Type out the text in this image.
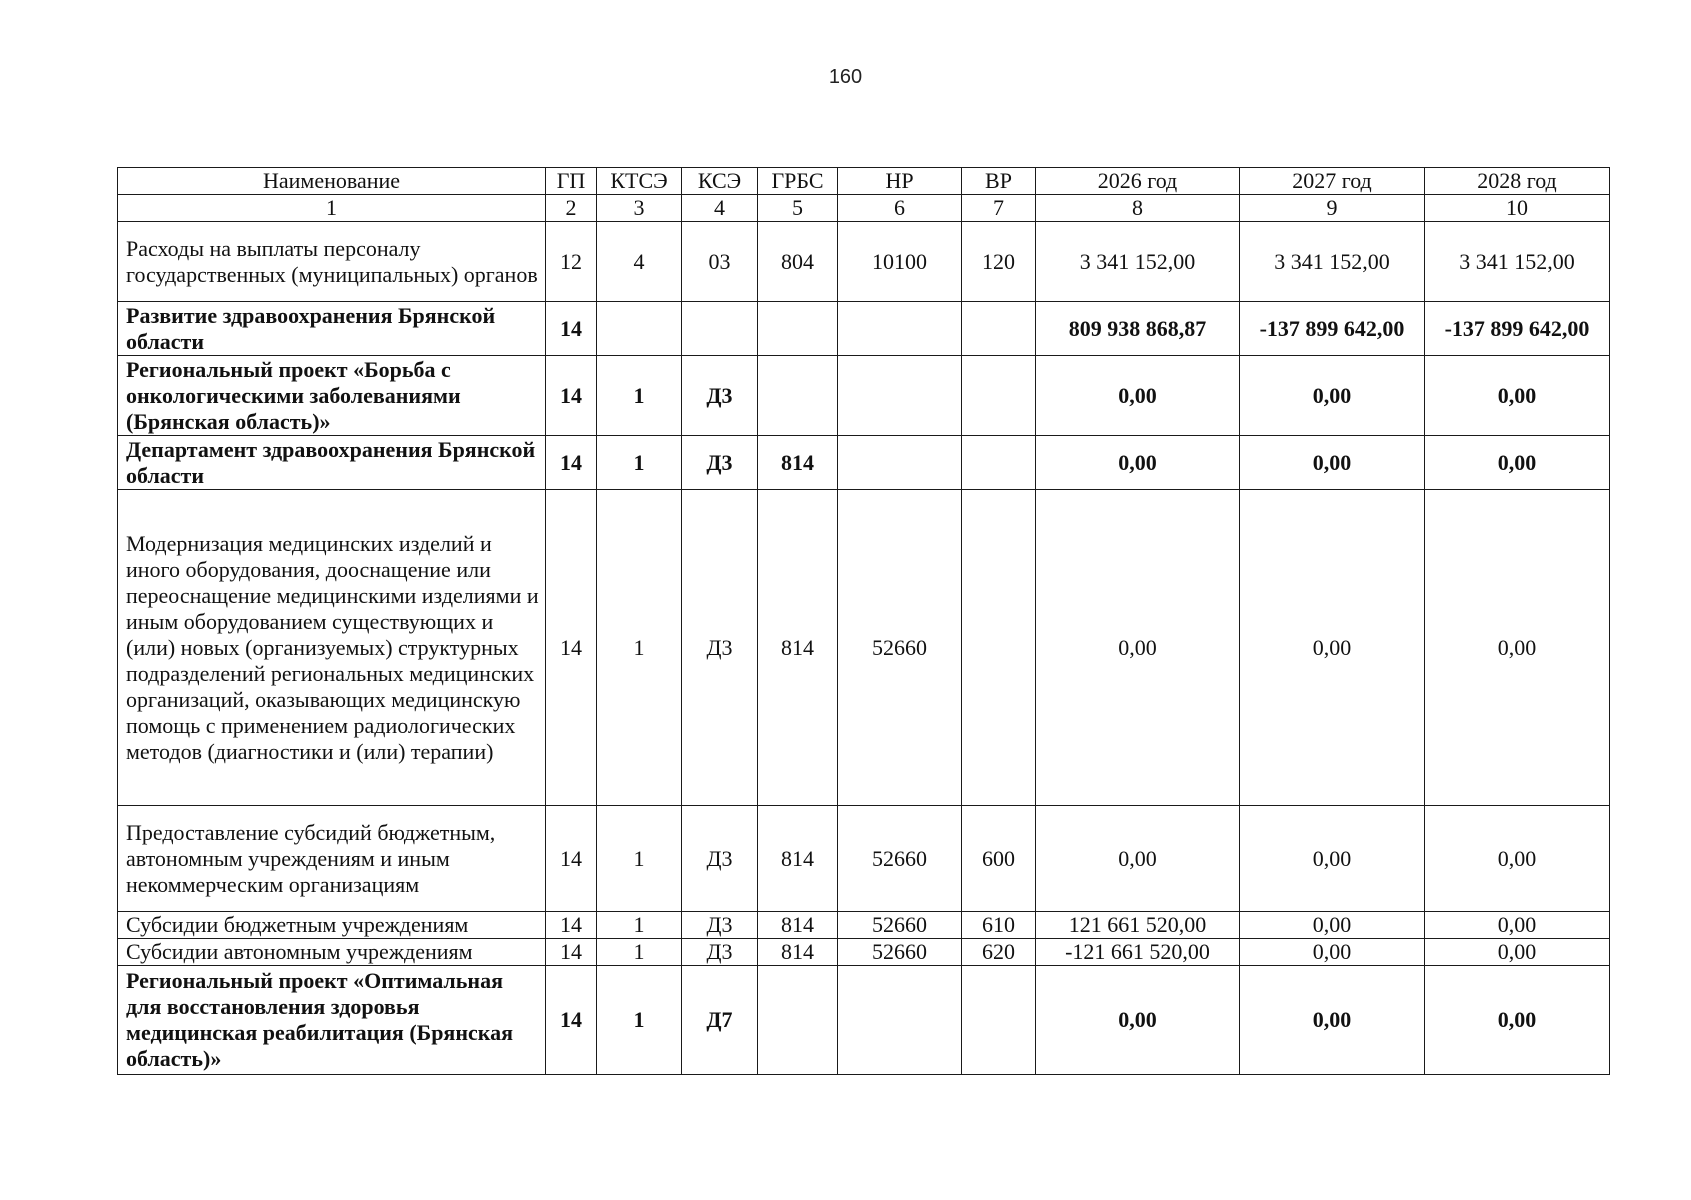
160
Наименование	ГП	КТСЭ	КСЭ	ГРБС	НР	ВР	2026 год	2027 год	2028 год
1	2	3	4	5	6	7	8	9	10
Расходы на выплаты персоналу государственных (муниципальных) органов	12	4	03	804	10100	120	3 341 152,00	3 341 152,00	3 341 152,00
Развитие здравоохранения Брянской области	14						809 938 868,87	-137 899 642,00	-137 899 642,00
Региональный проект «Борьба с онкологическими заболеваниями (Брянская область)»	14	1	Д3				0,00	0,00	0,00
Департамент здравоохранения Брянской области	14	1	Д3	814			0,00	0,00	0,00
Модернизация медицинских изделий и иного оборудования, дооснащение или переоснащение медицинскими изделиями и иным оборудованием существующих и (или) новых (организуемых) структурных подразделений региональных медицинских организаций, оказывающих медицинскую помощь с применением радиологических методов (диагностики и (или) терапии)	14	1	Д3	814	52660		0,00	0,00	0,00
Предоставление субсидий бюджетным, автономным учреждениям и иным некоммерческим организациям	14	1	Д3	814	52660	600	0,00	0,00	0,00
Субсидии бюджетным учреждениям	14	1	Д3	814	52660	610	121 661 520,00	0,00	0,00
Субсидии автономным учреждениям	14	1	Д3	814	52660	620	-121 661 520,00	0,00	0,00
Региональный проект «Оптимальная для восстановления здоровья медицинская реабилитация (Брянская область)»	14	1	Д7				0,00	0,00	0,00
